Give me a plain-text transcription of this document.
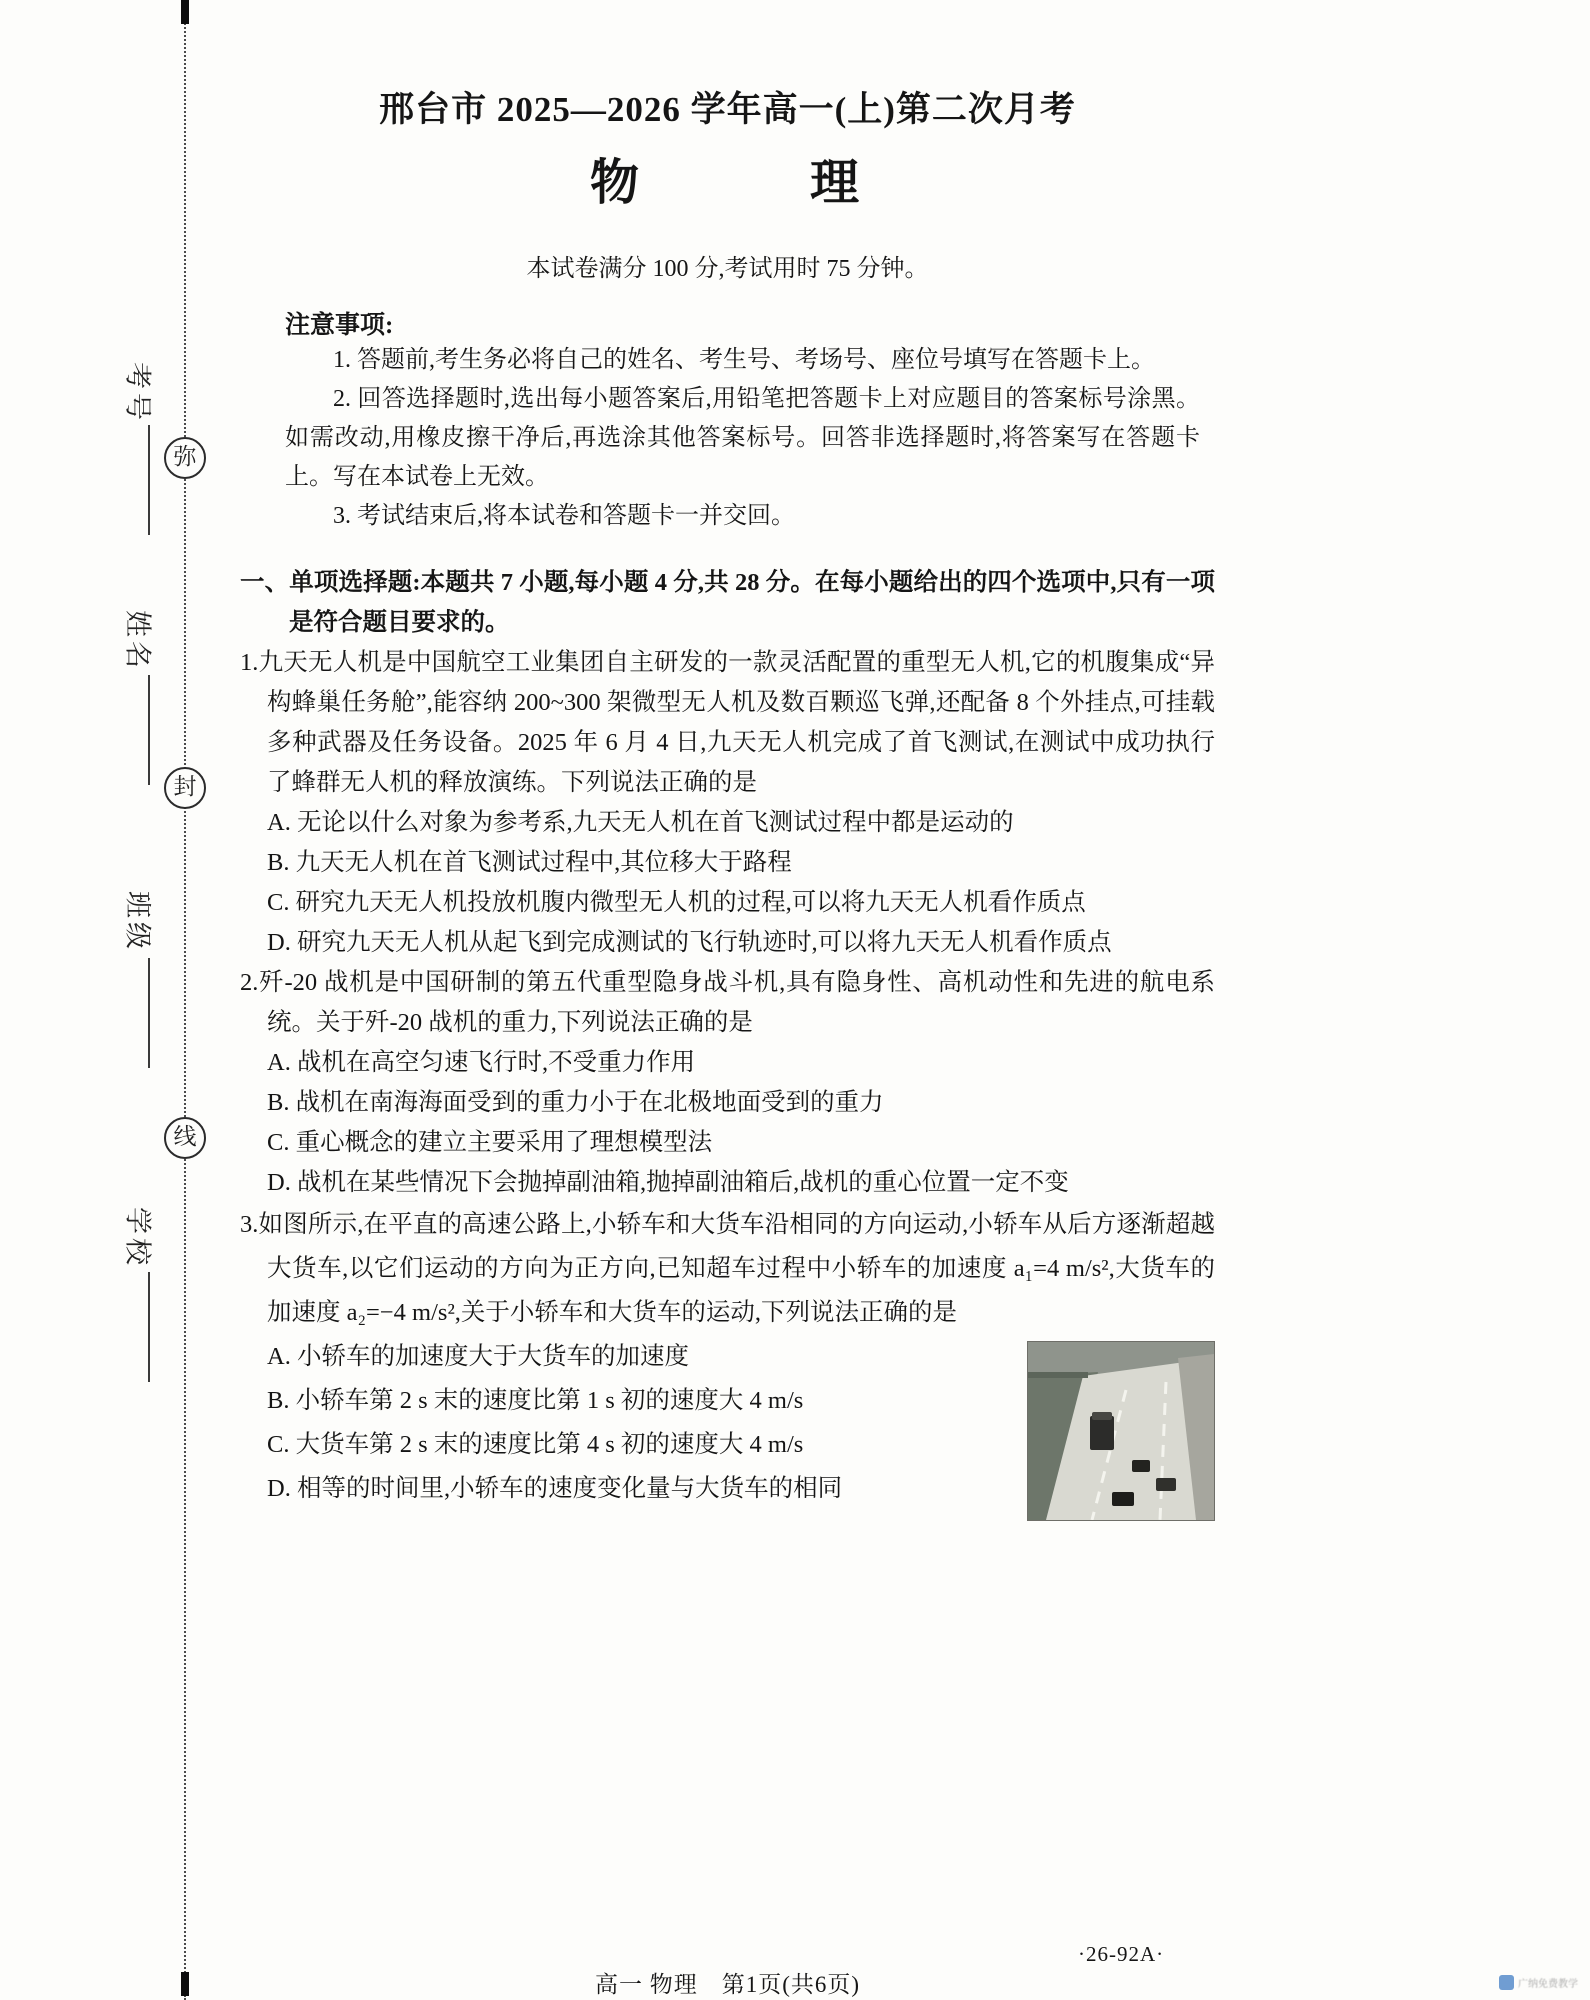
考号
弥
姓名
封
班级
线
学校
邢台市 2025—2026 学年高一(上)第二次月考
物　　　理

本试卷满分 100 分,考试用时 75 分钟。

注意事项:

1. 答题前,考生务必将自己的姓名、考生号、考场号、座位号填写在答题卡上。

2. 回答选择题时,选出每小题答案后,用铅笔把答题卡上对应题目的答案标号涂黑。如需改动,用橡皮擦干净后,再选涂其他答案标号。回答非选择题时,将答案写在答题卡上。写在本试卷上无效。

3. 考试结束后,将本试卷和答题卡一并交回。

一、单项选择题:本题共 7 小题,每小题 4 分,共 28 分。在每小题给出的四个选项中,只有一项是符合题目要求的。

1.九天无人机是中国航空工业集团自主研发的一款灵活配置的重型无人机,它的机腹集成“异构蜂巢任务舱”,能容纳 200~300 架微型无人机及数百颗巡飞弹,还配备 8 个外挂点,可挂载多种武器及任务设备。2025 年 6 月 4 日,九天无人机完成了首飞测试,在测试中成功执行了蜂群无人机的释放演练。下列说法正确的是

A. 无论以什么对象为参考系,九天无人机在首飞测试过程中都是运动的

B. 九天无人机在首飞测试过程中,其位移大于路程

C. 研究九天无人机投放机腹内微型无人机的过程,可以将九天无人机看作质点

D. 研究九天无人机从起飞到完成测试的飞行轨迹时,可以将九天无人机看作质点

2.歼-20 战机是中国研制的第五代重型隐身战斗机,具有隐身性、高机动性和先进的航电系统。关于歼-20 战机的重力,下列说法正确的是

A. 战机在高空匀速飞行时,不受重力作用

B. 战机在南海海面受到的重力小于在北极地面受到的重力

C. 重心概念的建立主要采用了理想模型法

D. 战机在某些情况下会抛掉副油箱,抛掉副油箱后,战机的重心位置一定不变

3.如图所示,在平直的高速公路上,小轿车和大货车沿相同的方向运动,小轿车从后方逐渐超越大货车,以它们运动的方向为正方向,已知超车过程中小轿车的加速度 a₁=4 m/s²,大货车的加速度 a₂=−4 m/s²,关于小轿车和大货车的运动,下列说法正确的是

A. 小轿车的加速度大于大货车的加速度

B. 小轿车第 2 s 末的速度比第 1 s 初的速度大 4 m/s

C. 大货车第 2 s 末的速度比第 4 s 初的速度大 4 m/s

D. 相等的时间里,小轿车的速度变化量与大货车的相同

高一 物理　第1页(共6页)
·26-92A·
广纳免费教学
